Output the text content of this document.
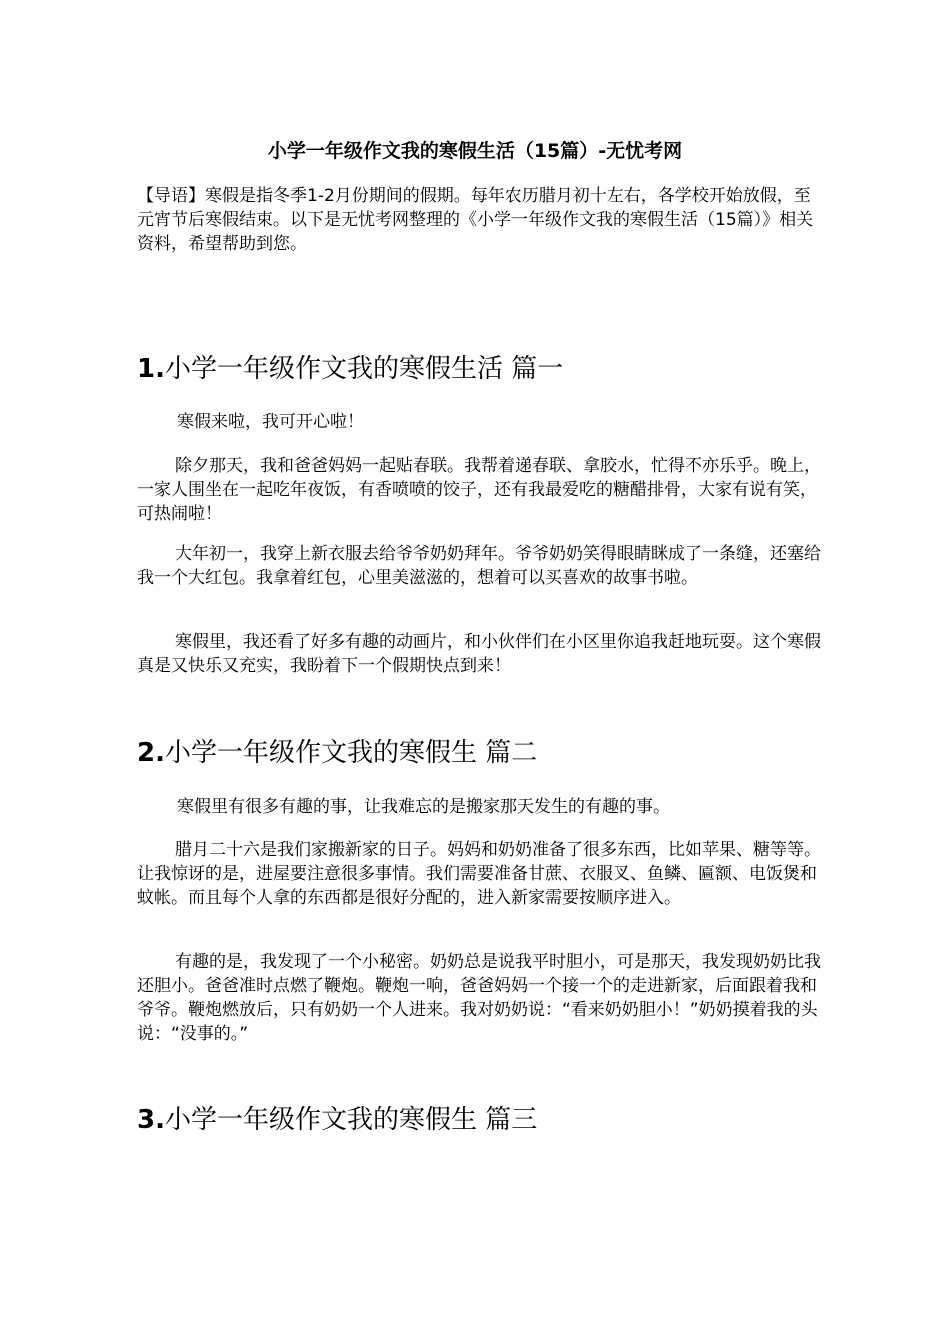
小学一年级作文我的寒假生活（15篇）-无忧考网
【导语】寒假是指冬季1-2月份期间的假期。每年农历腊月初十左右，各学校开始放假，至元宵节后寒假结束。以下是无忧考网整理的《小学一年级作文我的寒假生活（15篇）》相关资料，希望帮助到您。
1.小学一年级作文我的寒假生活 篇一
寒假来啦，我可开心啦！
除夕那天，我和爸爸妈妈一起贴春联。我帮着递春联、拿胶水，忙得不亦乐乎。晚上，一家人围坐在一起吃年夜饭，有香喷喷的饺子，还有我最爱吃的糖醋排骨，大家有说有笑，可热闹啦！
大年初一，我穿上新衣服去给爷爷奶奶拜年。爷爷奶奶笑得眼睛眯成了一条缝，还塞给我一个大红包。我拿着红包，心里美滋滋的，想着可以买喜欢的故事书啦。
寒假里，我还看了好多有趣的动画片，和小伙伴们在小区里你追我赶地玩耍。这个寒假真是又快乐又充实，我盼着下一个假期快点到来！
2.小学一年级作文我的寒假生 篇二
寒假里有很多有趣的事，让我难忘的是搬家那天发生的有趣的事。
腊月二十六是我们家搬新家的日子。妈妈和奶奶准备了很多东西，比如苹果、糖等等。让我惊讶的是，进屋要注意很多事情。我们需要准备甘蔗、衣服叉、鱼鳞、匾额、电饭煲和蚊帐。而且每个人拿的东西都是很好分配的，进入新家需要按顺序进入。
有趣的是，我发现了一个小秘密。奶奶总是说我平时胆小，可是那天，我发现奶奶比我还胆小。爸爸准时点燃了鞭炮。鞭炮一响，爸爸妈妈一个接一个的走进新家，后面跟着我和爷爷。鞭炮燃放后，只有奶奶一个人进来。我对奶奶说：“看来奶奶胆小！”奶奶摸着我的头说：“没事的。”
3.小学一年级作文我的寒假生 篇三
